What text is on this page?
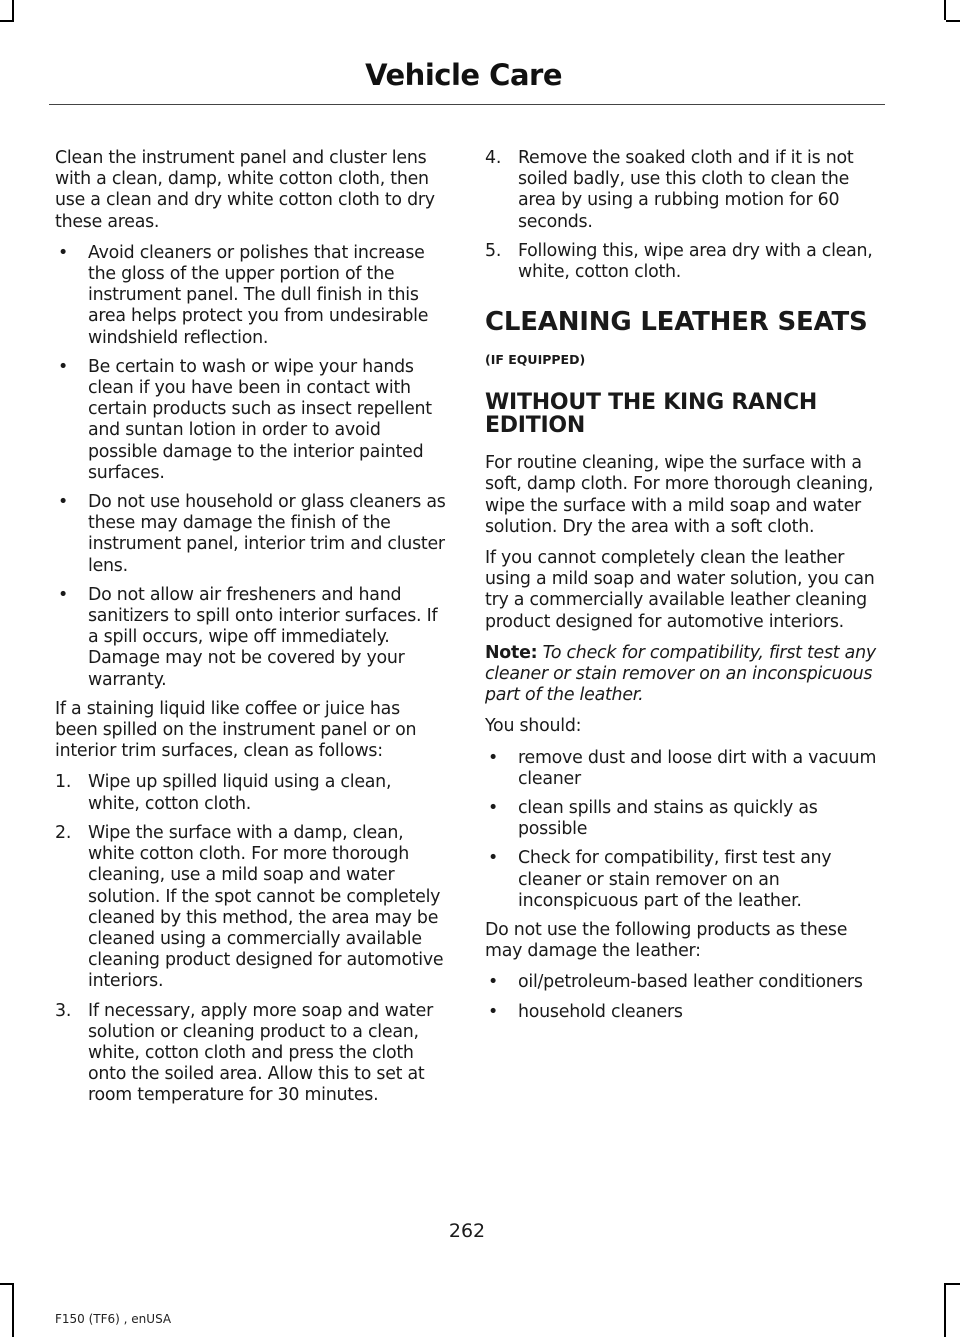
Vehicle Care

Clean the instrument panel and cluster lens with a clean, damp, white cotton cloth, then use a clean and dry white cotton cloth to dry these areas.

• Avoid cleaners or polishes that increase the gloss of the upper portion of the instrument panel. The dull finish in this area helps protect you from undesirable windshield reflection.
• Be certain to wash or wipe your hands clean if you have been in contact with certain products such as insect repellent and suntan lotion in order to avoid possible damage to the interior painted surfaces.
• Do not use household or glass cleaners as these may damage the finish of the instrument panel, interior trim and cluster lens.
• Do not allow air fresheners and hand sanitizers to spill onto interior surfaces. If a spill occurs, wipe off immediately. Damage may not be covered by your warranty.

If a staining liquid like coffee or juice has been spilled on the instrument panel or on interior trim surfaces, clean as follows:

1. Wipe up spilled liquid using a clean, white, cotton cloth.
2. Wipe the surface with a damp, clean, white cotton cloth. For more thorough cleaning, use a mild soap and water solution. If the spot cannot be completely cleaned by this method, the area may be cleaned using a commercially available cleaning product designed for automotive interiors.
3. If necessary, apply more soap and water solution or cleaning product to a clean, white, cotton cloth and press the cloth onto the soiled area. Allow this to set at room temperature for 30 minutes.
4. Remove the soaked cloth and if it is not soiled badly, use this cloth to clean the area by using a rubbing motion for 60 seconds.
5. Following this, wipe area dry with a clean, white, cotton cloth.
CLEANING LEATHER SEATS (IF EQUIPPED)
WITHOUT THE KING RANCH EDITION

For routine cleaning, wipe the surface with a soft, damp cloth. For more thorough cleaning, wipe the surface with a mild soap and water solution. Dry the area with a soft cloth.

If you cannot completely clean the leather using a mild soap and water solution, you can try a commercially available leather cleaning product designed for automotive interiors.

Note: To check for compatibility, first test any cleaner or stain remover on an inconspicuous part of the leather.

You should:

• remove dust and loose dirt with a vacuum cleaner
• clean spills and stains as quickly as possible
• Check for compatibility, first test any cleaner or stain remover on an inconspicuous part of the leather.

Do not use the following products as these may damage the leather:

• oil/petroleum-based leather conditioners
• household cleaners
262
F150 (TF6) , enUSA
